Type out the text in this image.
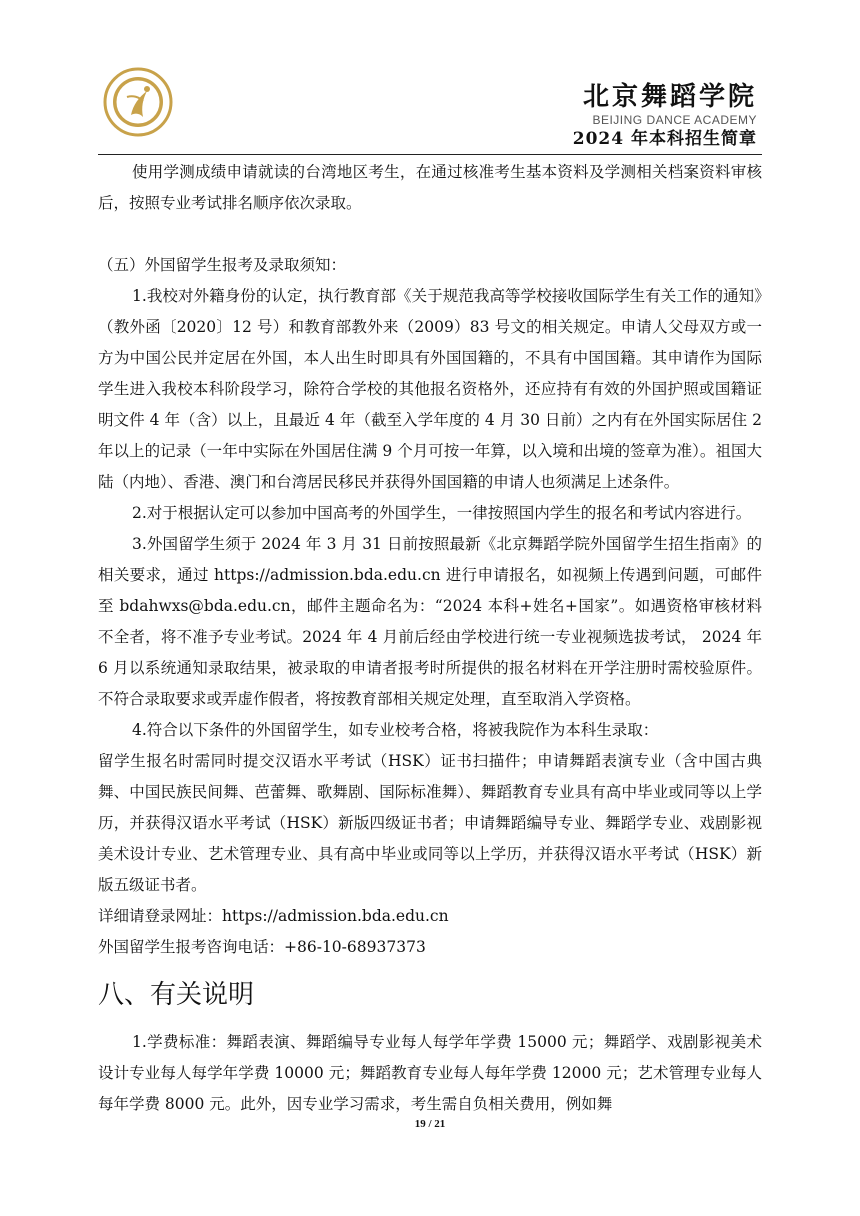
北京舞蹈学院
BEIJING DANCE ACADEMY
2024 年本科招生简章

使用学测成绩申请就读的台湾地区考生，在通过核准考生基本资料及学测相关档案资料审核后，按照专业考试排名顺序依次录取。

（五）外国留学生报考及录取须知：

1.我校对外籍身份的认定，执行教育部《关于规范我高等学校接收国际学生有关工作的通知》（教外函〔2020〕12 号）和教育部教外来（2009）83 号文的相关规定。申请人父母双方或一方为中国公民并定居在外国，本人出生时即具有外国国籍的，不具有中国国籍。其申请作为国际学生进入我校本科阶段学习，除符合学校的其他报名资格外，还应持有有效的外国护照或国籍证明文件 4 年（含）以上，且最近 4 年（截至入学年度的 4 月 30 日前）之内有在外国实际居住 2 年以上的记录（一年中实际在外国居住满 9 个月可按一年算，以入境和出境的签章为准）。祖国大陆（内地）、香港、澳门和台湾居民移民并获得外国国籍的申请人也须满足上述条件。

2.对于根据认定可以参加中国高考的外国学生，一律按照国内学生的报名和考试内容进行。

3.外国留学生须于 2024 年 3 月 31 日前按照最新《北京舞蹈学院外国留学生招生指南》的相关要求，通过 https://admission.bda.edu.cn 进行申请报名，如视频上传遇到问题，可邮件至 bdahwxs@bda.edu.cn，邮件主题命名为：“2024 本科+姓名+国家”。如遇资格审核材料不全者，将不准予专业考试。2024 年 4 月前后经由学校进行统一专业视频选拔考试， 2024 年 6 月以系统通知录取结果，被录取的申请者报考时所提供的报名材料在开学注册时需校验原件。不符合录取要求或弄虚作假者，将按教育部相关规定处理，直至取消入学资格。

4.符合以下条件的外国留学生，如专业校考合格，将被我院作为本科生录取：

留学生报名时需同时提交汉语水平考试（HSK）证书扫描件；申请舞蹈表演专业（含中国古典舞、中国民族民间舞、芭蕾舞、歌舞剧、国际标准舞）、舞蹈教育专业具有高中毕业或同等以上学历，并获得汉语水平考试（HSK）新版四级证书者；申请舞蹈编导专业、舞蹈学专业、戏剧影视美术设计专业、艺术管理专业、具有高中毕业或同等以上学历，并获得汉语水平考试（HSK）新版五级证书者。

详细请登录网址：https://admission.bda.edu.cn

外国留学生报考咨询电话：+86-10-68937373

八、有关说明

1.学费标准：舞蹈表演、舞蹈编导专业每人每学年学费 15000 元；舞蹈学、戏剧影视美术设计专业每人每学年学费 10000 元；舞蹈教育专业每人每年学费 12000 元；艺术管理专业每人每年学费 8000 元。此外，因专业学习需求，考生需自负相关费用，例如舞

19 / 21
